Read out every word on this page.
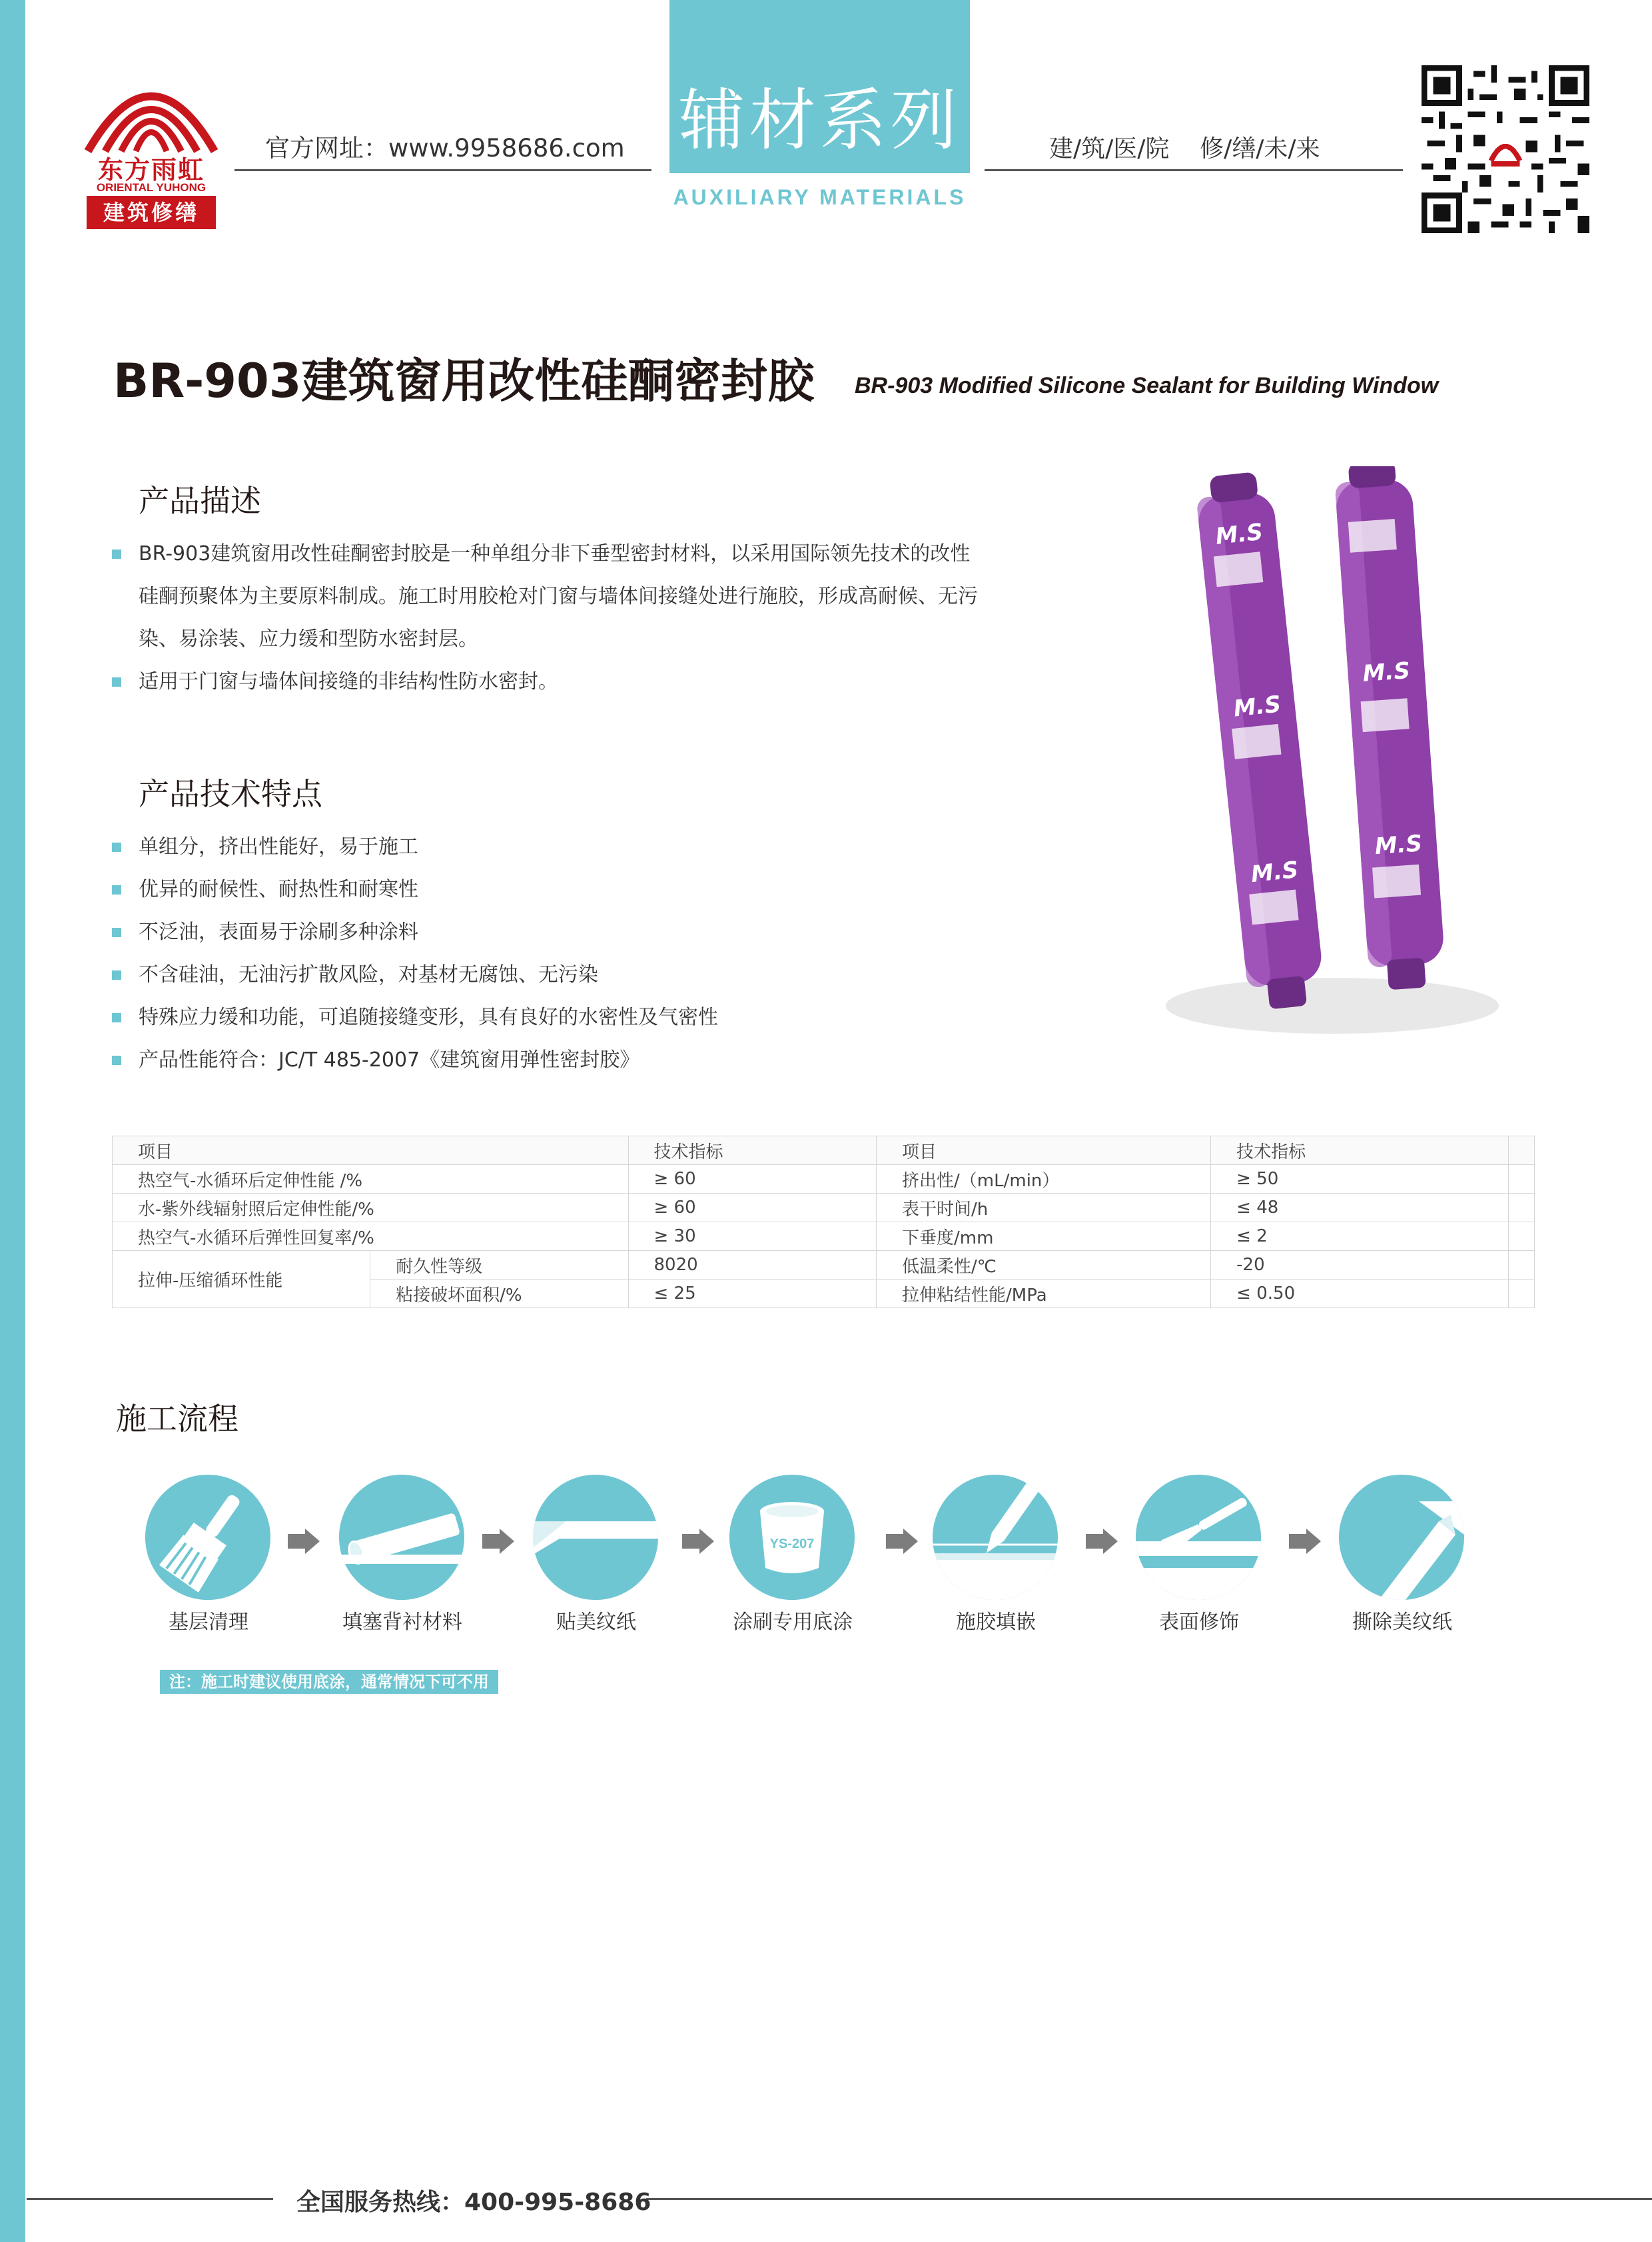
东方雨虹
ORIENTAL YUHONG
建筑修缮
官方网址：www.9958686.com 辅材系列
AUXILIARY MATERIALS
建/筑/医/院    修/缮/未/来
BR-903建筑窗用改性硅酮密封胶 BR-903 Modified Silicone Sealant for Building Window
产品描述
BR-903建筑窗用改性硅酮密封胶是一种单组分非下垂型密封材料，以采用国际领先技术的改性硅酮预聚体为主要原料制成。施工时用胶枪对门窗与墙体间接缝处进行施胶，形成高耐候、无污染、易涂装、应力缓和型防水密封层。
适用于门窗与墙体间接缝的非结构性防水密封。
产品技术特点
单组分，挤出性能好，易于施工
优异的耐候性、耐热性和耐寒性
不泛油，表面易于涂刷多种涂料
不含硅油，无油污扩散风险，对基材无腐蚀、无污染
特殊应力缓和功能，可追随接缝变形，具有良好的水密性及气密性
产品性能符合：JC/T 485-2007《建筑窗用弹性密封胶》
M.S
M.S
M.S
M.S
M.S
项目		技术指标	项目	技术指标	
热空气-水循环后定伸性能 /%		≥ 60	挤出性/（mL/min）	≥ 50	
水-紫外线辐射照后定伸性能/%		≥ 60	表干时间/h	≤ 48	
热空气-水循环后弹性回复率/%		≥ 30	下垂度/mm	≤ 2	
拉伸-压缩循环性能	耐久性等级	8020	低温柔性/℃	-20	
	粘接破坏面积/%	≤ 25	拉伸粘结性能/MPa	≤ 0.50	
施工流程
基层清理	填塞背衬材料	贴美纹纸
YS-207
涂刷专用底涂	施胶填嵌	表面修饰	撕除美纹纸
注：施工时建议使用底涂，通常情况下可不用
全国服务热线：400-995-8686
